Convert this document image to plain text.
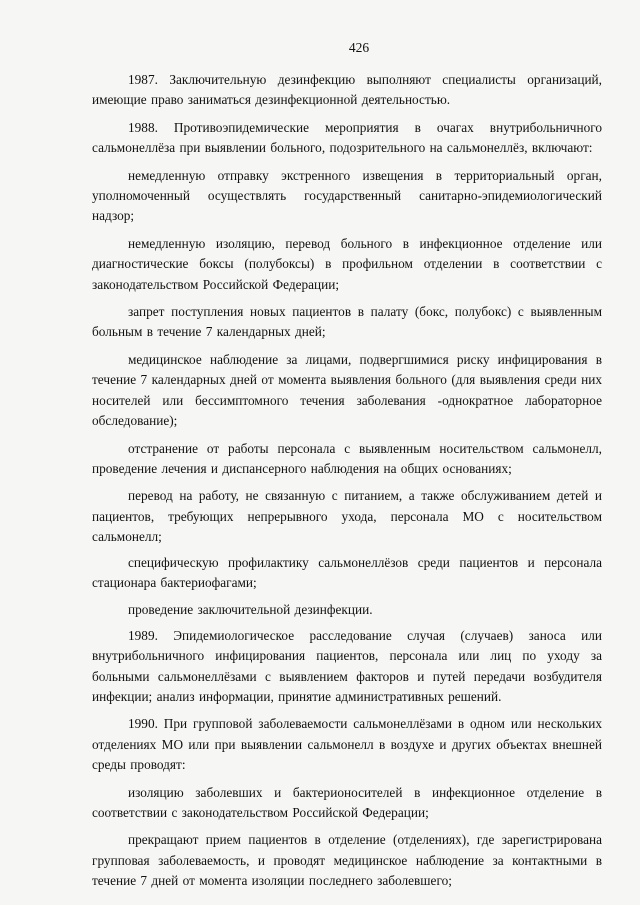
426

1987. Заключительную дезинфекцию выполняют специалисты организаций, имеющие право заниматься дезинфекционной деятельностью.

1988. Противоэпидемические мероприятия в очагах внутрибольничного сальмонеллёза при выявлении больного, подозрительного на сальмонеллёз, включают:

немедленную отправку экстренного извещения в территориальный орган, уполномоченный осуществлять государственный санитарно-эпидемиологический надзор;

немедленную изоляцию, перевод больного в инфекционное отделение или диагностические боксы (полубоксы) в профильном отделении в соответствии с законодательством Российской Федерации;

запрет поступления новых пациентов в палату (бокс, полубокс) с выявленным больным в течение 7 календарных дней;

медицинское наблюдение за лицами, подвергшимися риску инфицирования в течение 7 календарных дней от момента выявления больного (для выявления среди них носителей или бессимптомного течения заболевания -однократное лабораторное обследование);

отстранение от работы персонала с выявленным носительством сальмонелл, проведение лечения и диспансерного наблюдения на общих основаниях;

перевод на работу, не связанную с питанием, а также обслуживанием детей и пациентов, требующих непрерывного ухода, персонала МО с носительством сальмонелл;

специфическую профилактику сальмонеллёзов среди пациентов и персонала стационара бактериофагами;

проведение заключительной дезинфекции.

1989. Эпидемиологическое расследование случая (случаев) заноса или внутрибольничного инфицирования пациентов, персонала или лиц по уходу за больными сальмонеллёзами с выявлением факторов и путей передачи возбудителя инфекции; анализ информации, принятие административных решений.

1990. При групповой заболеваемости сальмонеллёзами в одном или нескольких отделениях МО или при выявлении сальмонелл в воздухе и других объектах внешней среды проводят:

изоляцию заболевших и бактерионосителей в инфекционное отделение в соответствии с законодательством Российской Федерации;

прекращают прием пациентов в отделение (отделениях), где зарегистрирована групповая заболеваемость, и проводят медицинское наблюдение за контактными в течение 7 дней от момента изоляции последнего заболевшего;
